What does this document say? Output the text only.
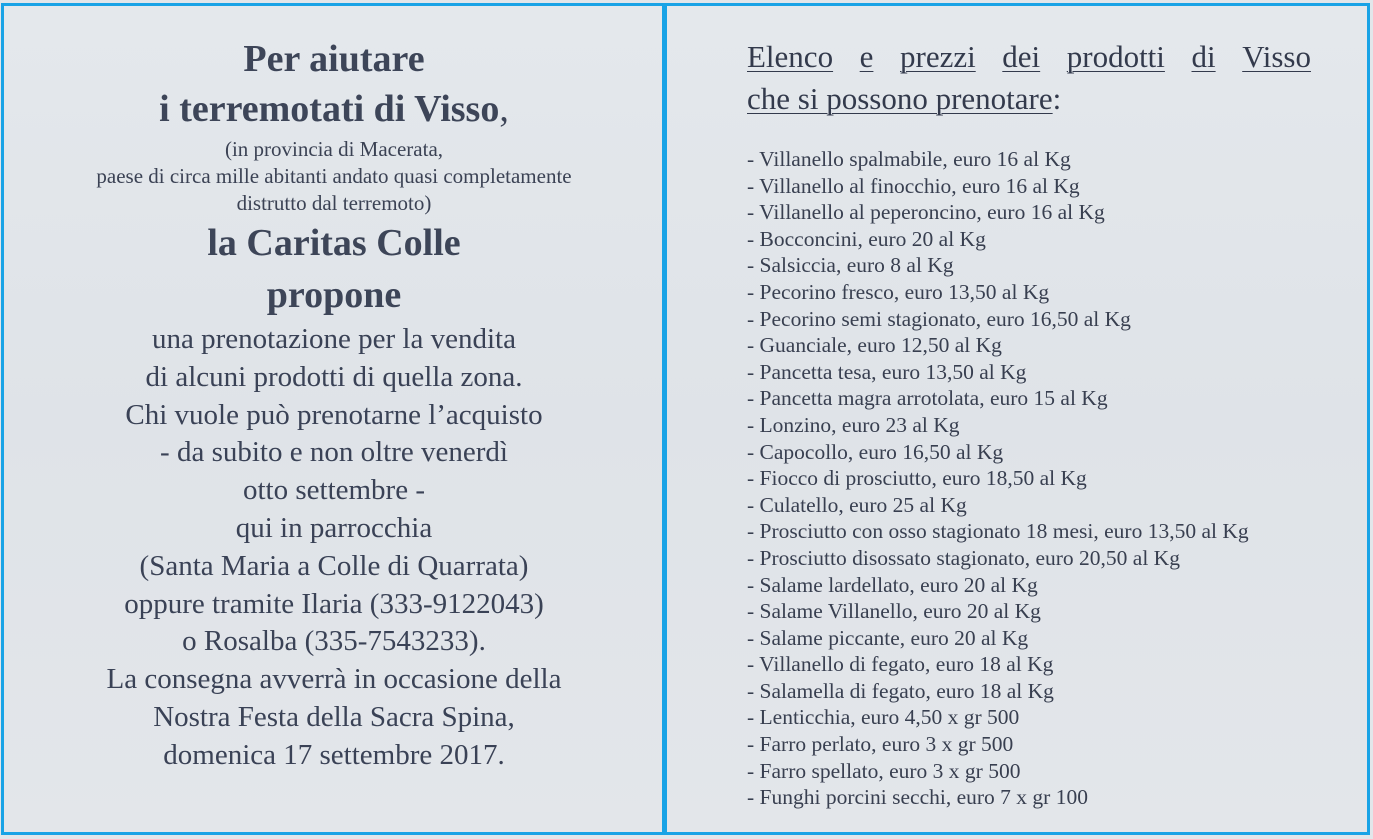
Per aiutare

i terremotati di Visso,

(in provincia di Macerata,

paese di circa mille abitanti andato quasi completamente

distrutto dal terremoto)

la Caritas Colle

propone

una prenotazione per la vendita

di alcuni prodotti di quella zona.

Chi vuole può prenotarne l’acquisto

- da subito e non oltre venerdì

otto settembre -

qui in parrocchia

(Santa Maria a Colle di Quarrata)

oppure tramite Ilaria (333-9122043)

o Rosalba (335-7543233).

La consegna avverrà in occasione della

Nostra Festa della Sacra Spina,

domenica 17 settembre 2017.

Elenco e prezzi dei prodotti di Visso
che si possono prenotare:
- Villanello spalmabile, euro 16 al Kg
- Villanello al finocchio, euro 16 al Kg
- Villanello al peperoncino, euro 16 al Kg
- Bocconcini, euro 20 al Kg
- Salsiccia, euro 8 al Kg
- Pecorino fresco, euro 13,50 al Kg
- Pecorino semi stagionato, euro 16,50 al Kg
- Guanciale, euro 12,50 al Kg
- Pancetta tesa, euro 13,50 al Kg
- Pancetta magra arrotolata, euro 15 al Kg
- Lonzino, euro 23 al Kg
- Capocollo, euro 16,50 al Kg
- Fiocco di prosciutto, euro 18,50 al Kg
- Culatello, euro 25 al Kg
- Prosciutto con osso stagionato 18 mesi, euro 13,50 al Kg
- Prosciutto disossato stagionato, euro 20,50 al Kg
- Salame lardellato, euro 20 al Kg
- Salame Villanello, euro 20 al Kg
- Salame piccante, euro 20 al Kg
- Villanello di fegato, euro 18 al Kg
- Salamella di fegato, euro 18 al Kg
- Lenticchia, euro 4,50 x gr 500
- Farro perlato, euro 3 x gr 500
- Farro spellato, euro 3 x gr 500
- Funghi porcini secchi, euro 7 x gr 100
